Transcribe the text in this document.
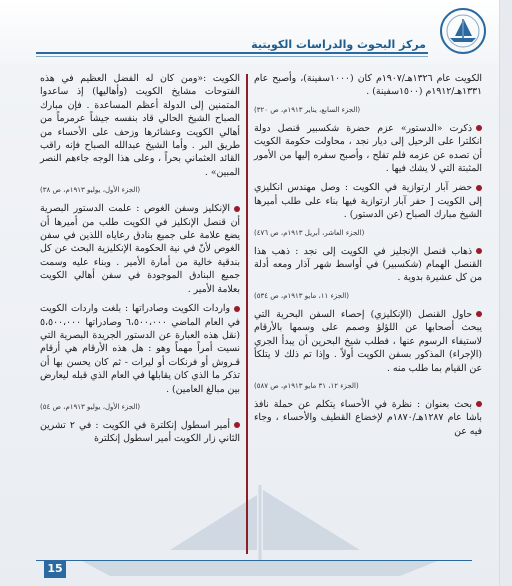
مركز البحوث والدراسات الكويتية

الكويت عام ١٣٢٦هـ/١٩٠٧م كان (١٠٠٠سفينة)، وأصبح عام ١٣٣١هـ/١٩١٢م (١٥٠٠سفينة) .

(الجزء السابع، يناير ١٩١٣م، ص ٣٢٠)

ذكرت «الدستور» عزم حضرة شكسبير قنصل دولة انكلترا على الرحيل إلى ديار نجد ، محاولت حكومة الكويت أن تصده عن عزمه فلم تفلح ، وأصبح سفره إليها من الأمور المثبتة التي لا يشك فيها .

حضر آبار ارتوازية في الكويت : وصل مهندس انكليزي إلى الكويت [ حفر آبار ارتوازية فيها بناء على طلب أميرها الشيخ مبارك الصباح (عن الدستور) .

(الجزء العاشر، أبريل ١٩١٣م، ص ٤٧٦)

ذهاب قنصل الإنجليز في الكويت إلى نجد : ذهب هذا القنصل الهمام (شكسبير) في أواسط شهر آذار ومعه أدلة من كل عشيرة بدوية .

(الجزء ١١، مايو ١٩١٣م، ص ٥٣٤)

حاول القنصل (الإنكليزي) إحصاء السفن البحرية التي يبحث أصحابها عن اللؤلؤ وصمم على وسمها بالأرقام لاستيفاء الرسوم عنها ، فطلب شيخ البحرين أن يبدأ الجري (الإجراء) المذكور بسفن الكويت أولاً . وإذا تم ذلك لا يتلكأ عن القيام بما طلب منه .

(الجزء ١٢، ٣١ مايو ١٩١٣م، ص ٥٨٧)

بحث بعنوان : نظرة في الأحساء يتكلم عن حملة نافذ باشا عام ١٢٨٧هـ/١٨٧٠م لإخضاع القطيف والأحساء ، وجاء فيه عن

الكويت :«ومن كان له الفضل العظيم في هذه الفتوحات مشايخ الكويت (وأهاليها) إذ ساعدوا المتمنين إلى الدولة أعظم المساعدة . فإن مبارك الصباح الشيخ الحالي قاد بنفسه جيشاً عرمرماً من أهالي الكويت وعشائرها وزحف على الأحساء من طريق البر . وأما الشيخ عبدالله الصباح فإنه راقب القائد العثماني بحراً ، وعلى هذا الوجه جاءهم النصر المبين» .

(الجزء الأول، يوليو ١٩١٣م، ص ٣٨)

الإنكليز وسفن الغوص : علمت الدستور البصرية أن قنصل الإنكليز في الكويت طلب من أميرها أن يضع علامة على جميع بنادق رعاياه اللذين في سفن الغوص لأنّ في نية الحكومة الإنكليزية البحث عن كل بندقية خالية من أمارة الأمير . وبناء عليه وسمت جميع البنادق الموجودة في سفن أهالي الكويت بعلامة الأمير .

واردات الكويت وصادراتها : بلغت واردات الكويت في العام الماضي ٦،٥٠٠،٠٠٠ وصادراتها ٥،٥٠٠،٠٠٠ (نقل هذه العبارة عن الدستور الجريدة البصرية التي نسيت أمراً مهماً وهو : هل هذه الأرقام هي أرقام قـروش أو فرنكات أو ليرات - ثم كان يحسن بها أن تذكر ما الذي كان يقابلها في العام الذي قبله ليعارض بين مبالغ العامين) .

(الجزء الأول، يوليو ١٩١٣م، ص ٥٤)

أمير اسطول إنكلترة في الكويت : في ٢ تشرين الثاني زار الكويت أمير اسطول إنكلترة

15
